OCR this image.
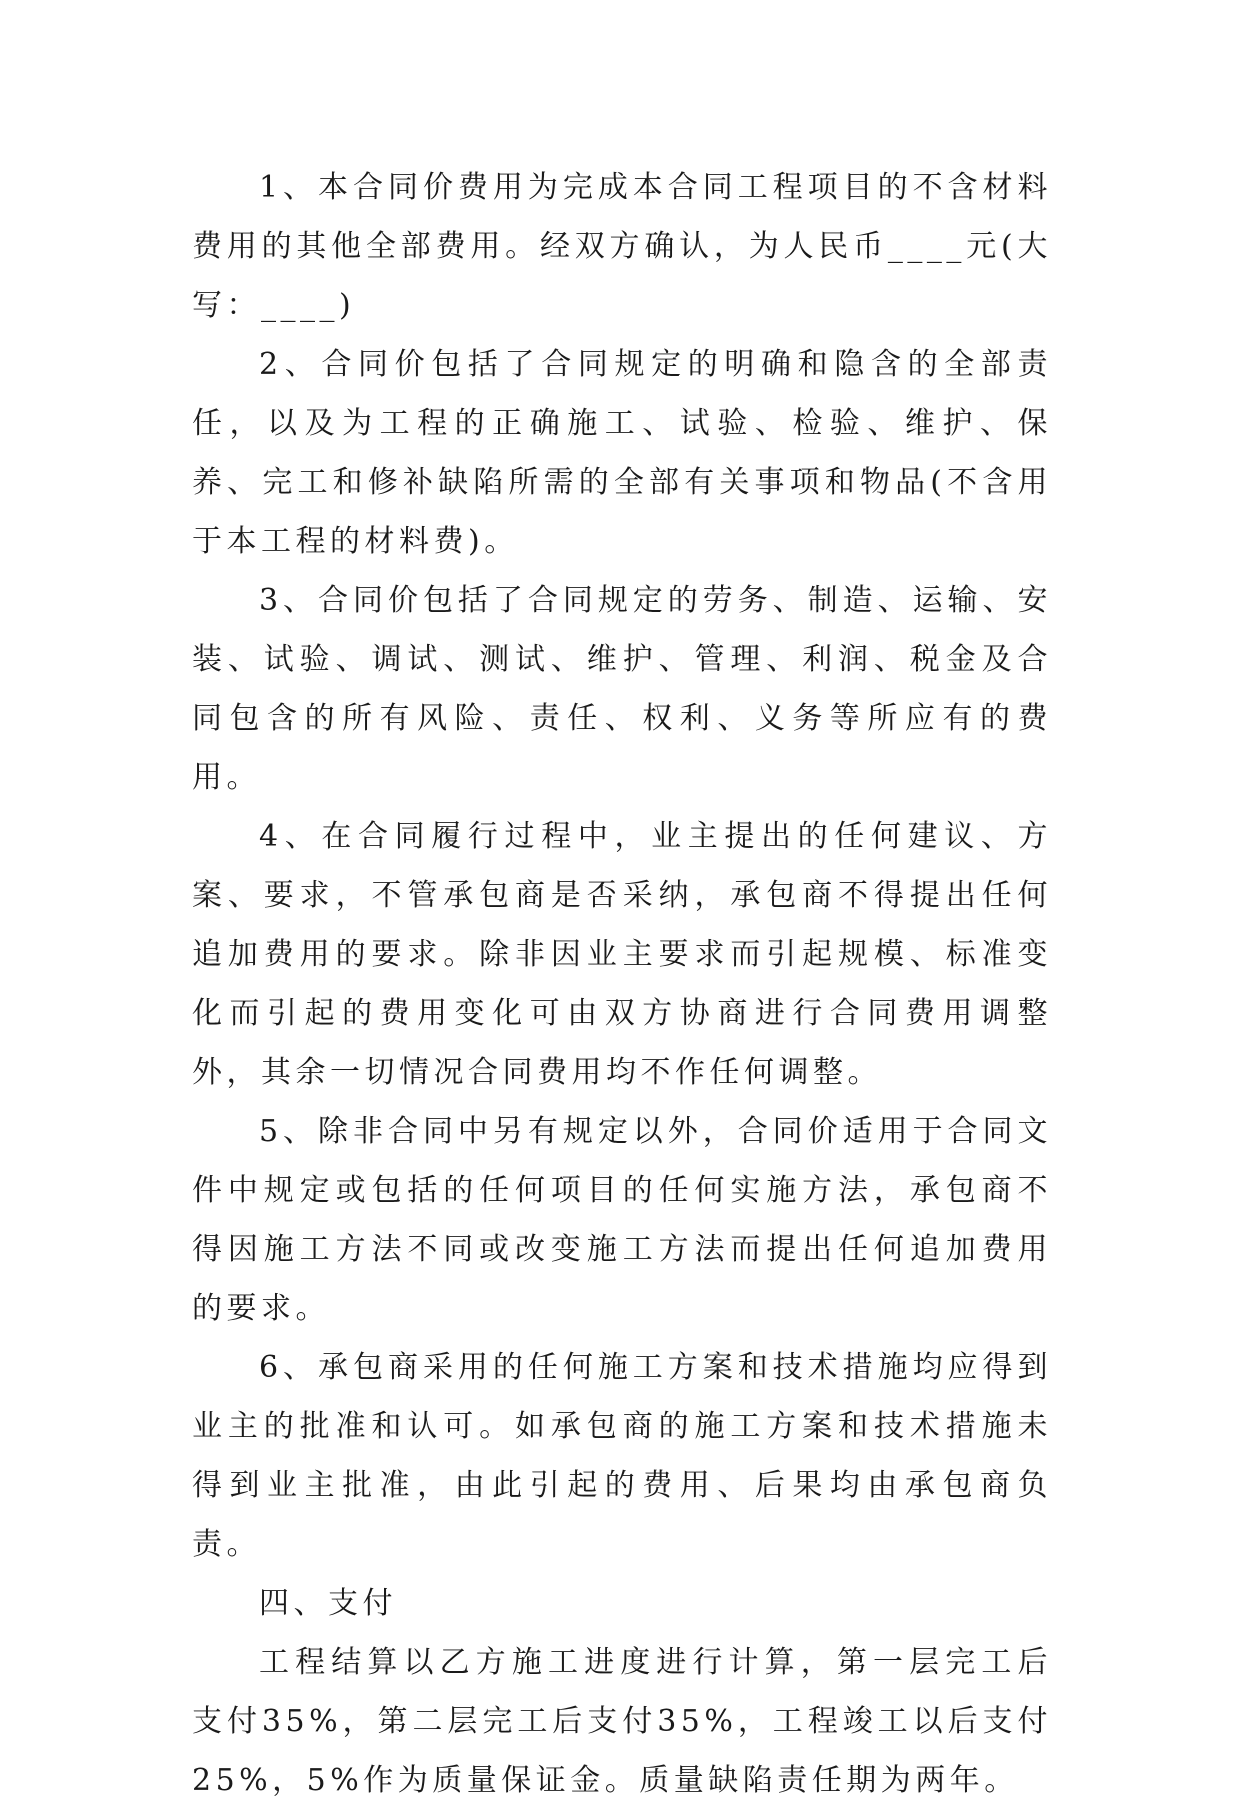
1、本合同价费用为完成本合同工程项目的不含材料费用的其他全部费用。经双方确认，为人民币____元(大写：____)

2、合同价包括了合同规定的明确和隐含的全部责任，以及为工程的正确施工、试验、检验、维护、保养、完工和修补缺陷所需的全部有关事项和物品(不含用于本工程的材料费)。

3、合同价包括了合同规定的劳务、制造、运输、安装、试验、调试、测试、维护、管理、利润、税金及合同包含的所有风险、责任、权利、义务等所应有的费用。

4、在合同履行过程中，业主提出的任何建议、方案、要求，不管承包商是否采纳，承包商不得提出任何追加费用的要求。除非因业主要求而引起规模、标准变化而引起的费用变化可由双方协商进行合同费用调整外，其余一切情况合同费用均不作任何调整。

5、除非合同中另有规定以外，合同价适用于合同文件中规定或包括的任何项目的任何实施方法，承包商不得因施工方法不同或改变施工方法而提出任何追加费用的要求。

6、承包商采用的任何施工方案和技术措施均应得到业主的批准和认可。如承包商的施工方案和技术措施未得到业主批准，由此引起的费用、后果均由承包商负责。

四、支付

工程结算以乙方施工进度进行计算，第一层完工后支付35%，第二层完工后支付35%，工程竣工以后支付25%，5%作为质量保证金。质量缺陷责任期为两年。
